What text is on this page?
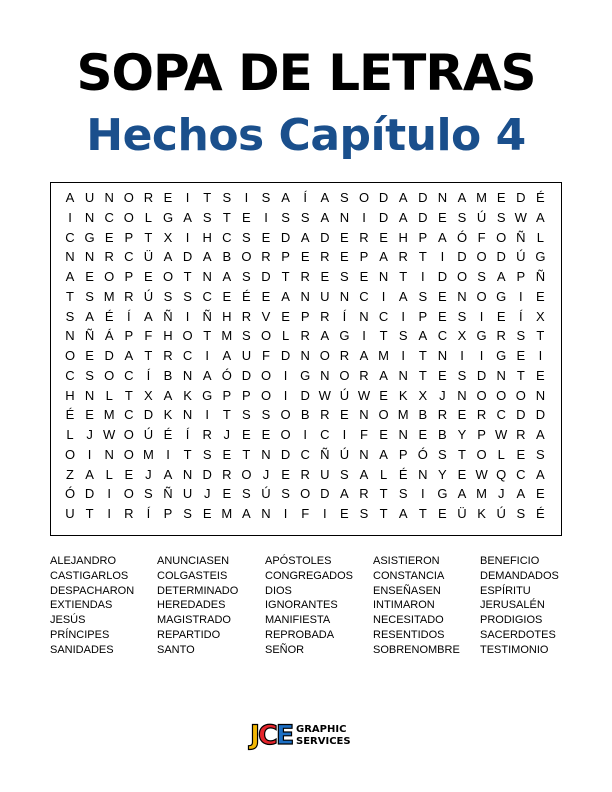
SOPA DE LETRAS
Hechos Capítulo 4
A U N O R E	I	T S	I	S A	Í	A S O D A D N A M E D É
I	N C O L G A S T E	I	S S A N	I	D A D E S Ú S W A
C G E P T X	I	H C S E D A D E R E H P A Ó F O Ñ L
N N R C Ü A D A B O R P E R E P A R T	I	D O D Ú G
A E O P E O T N A S D T R E S E N T	I	D O S A P Ñ
T S M R Ú S S C E É E A N U N C	I	A S E N O G I	E
S A É	Í	A Ñ	I	Ñ H R V E P R	Í	N C	I	P E S	I	E	Í	X
N Ñ Á P F H O T M S O L R A G I	T S A C X G R S T
O E D A T R C	I	A U F D N O R A M I	T N	I	I G E	I
C S O C	Í	B N A Ó D O I G N O R A N T E S D N T E
H N L T X A K G P P O I	D W Ú W E K X J N O O O N
É E M C D K N	I	T S S O B R E N O M B R E R C D D
L J W O Ú É	Í	R J E E O I	C	I	F E N E B Y P W R A
O I	N O M I	T S E T N D C Ñ Ú N A P Ó S T O L E S
Z A L E J A N D R O J E R U S A L É N Y E W Q C A
Ó D	I O S Ñ U J E S Ú S O D A R T S	I G A M J A E
U T	I	R	Í	P S E M A N	I	F	I	E S T A T E Ü K Ú S É
ALEJANDRO
CASTIGARLOS
DESPACHARON
EXTIENDAS
JESÚS
PRÍNCIPES
SANIDADES
ANUNCIASEN
COLGASTEIS
DETERMINADO
HEREDADES
MAGISTRADO
REPARTIDO
SANTO
APÓSTOLES
CONGREGADOS
DIOS
IGNORANTES
MANIFIESTA
REPROBADA
SEÑOR
ASISTIERON
CONSTANCIA
ENSEÑASEN
INTIMARON
NECESITADO
RESENTIDOS
SOBRENOMBRE
BENEFICIO
DEMANDADOS
ESPÍRITU
JERUSALÉN
PRODIGIOS
SACERDOTES
TESTIMONIO
JCE GRAPHIC
SERVICES
